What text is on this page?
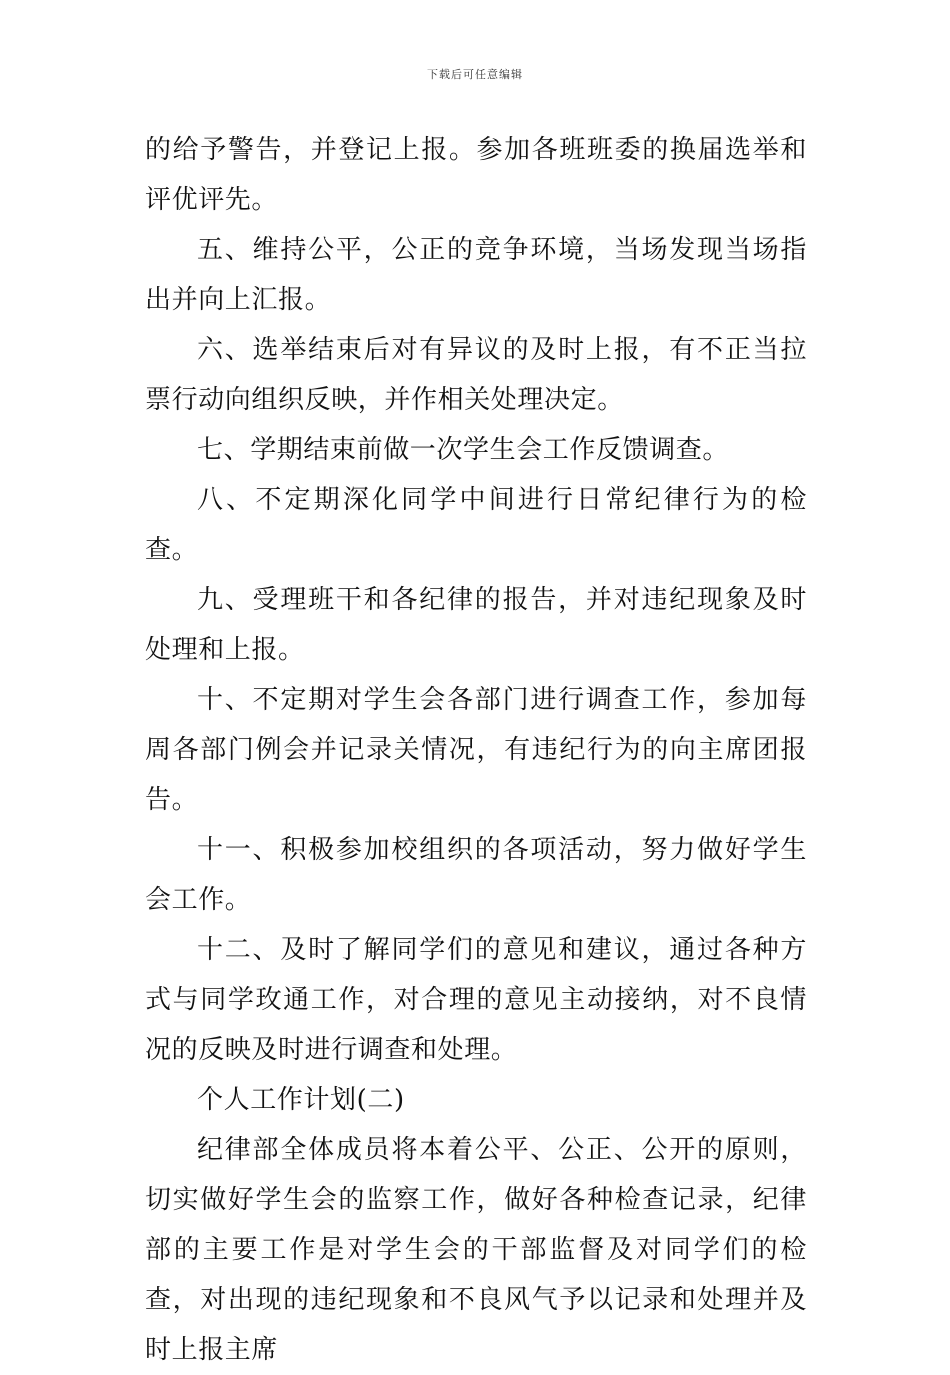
下载后可任意编辑

的给予警告，并登记上报。参加各班班委的换届选举和评优评先。

五、维持公平，公正的竞争环境，当场发现当场指出并向上汇报。

六、选举结束后对有异议的及时上报，有不正当拉票行动向组织反映，并作相关处理决定。

七、学期结束前做一次学生会工作反馈调查。

八、不定期深化同学中间进行日常纪律行为的检查。

九、受理班干和各纪律的报告，并对违纪现象及时处理和上报。

十、不定期对学生会各部门进行调查工作，参加每周各部门例会并记录关情况，有违纪行为的向主席团报告。

十一、积极参加校组织的各项活动，努力做好学生会工作。

十二、及时了解同学们的意见和建议，通过各种方式与同学玫通工作，对合理的意见主动接纳，对不良情况的反映及时进行调查和处理。

个人工作计划(二)

纪律部全体成员将本着公平、公正、公开的原则，切实做好学生会的监察工作，做好各种检查记录，纪律部的主要工作是对学生会的干部监督及对同学们的检查，对出现的违纪现象和不良风气予以记录和处理并及时上报主席
